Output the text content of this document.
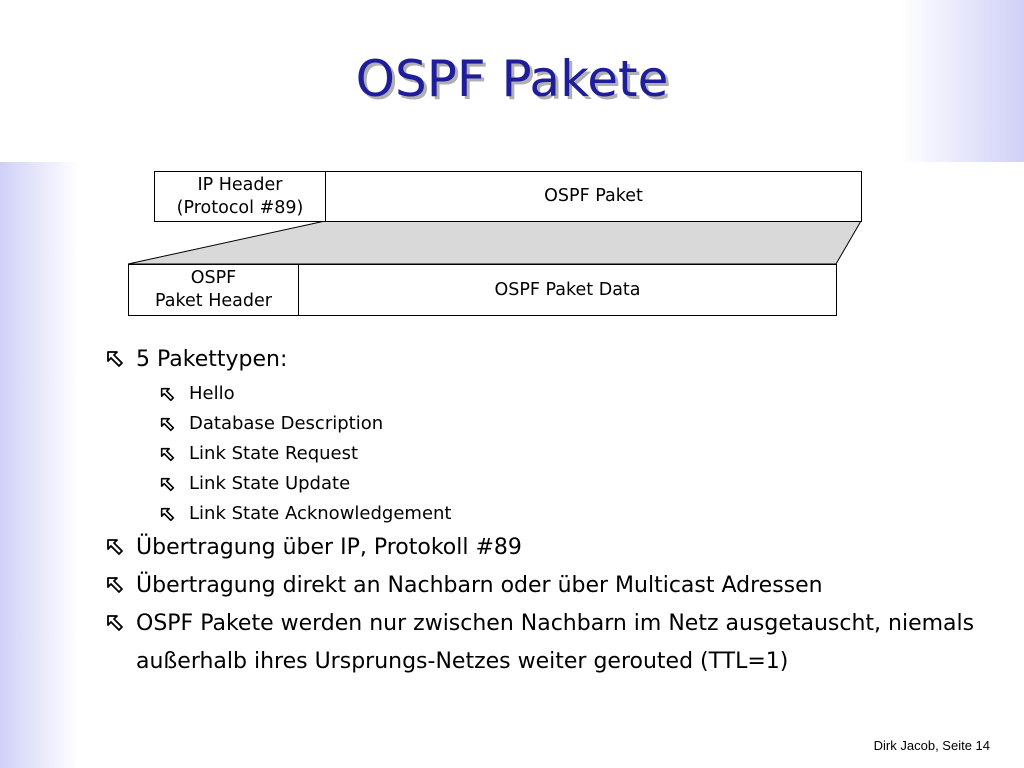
OSPF Pakete
IP Header
(Protocol #89)
OSPF Paket
OSPF
Paket Header
OSPF Paket Data
5 Pakettypen:
Hello
Database Description
Link State Request
Link State Update
Link State Acknowledgement
Übertragung über IP, Protokoll #89
Übertragung direkt an Nachbarn oder über Multicast Adressen
OSPF Pakete werden nur zwischen Nachbarn im Netz ausgetauscht, niemals außerhalb ihres Ursprungs-Netzes weiter gerouted (TTL=1)
Dirk Jacob, Seite 14
